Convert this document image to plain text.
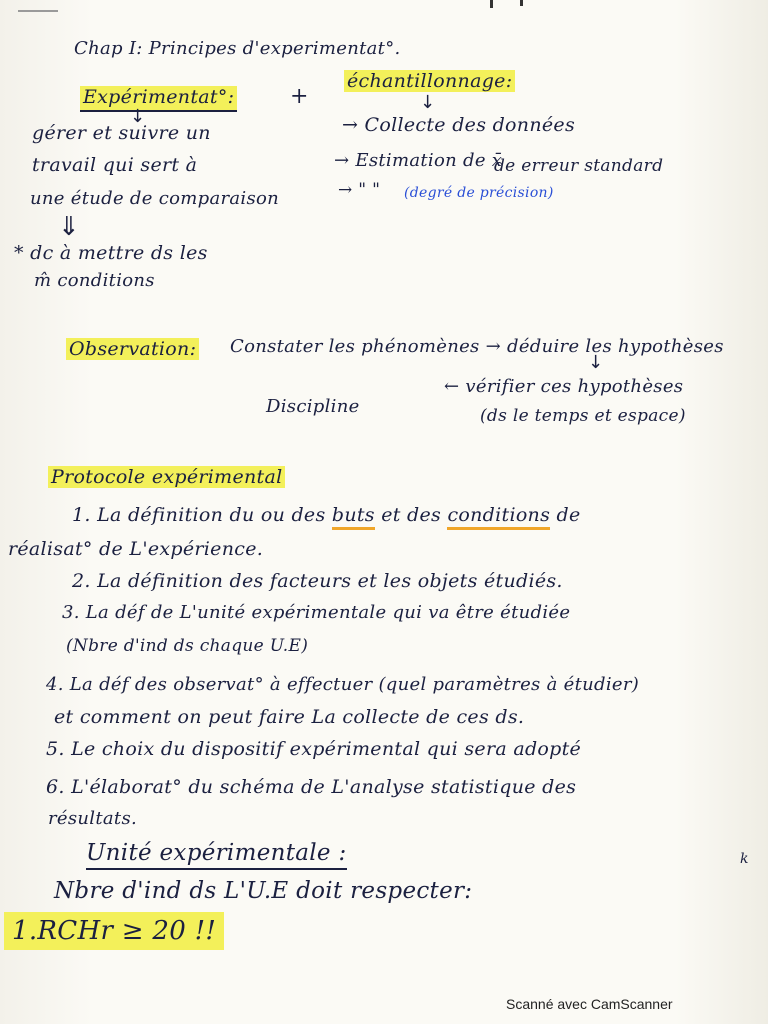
Chap I: Principes d'experimentat°.
Expérimentat°:	+
échantillonnage:
↓
↓
gérer et suivre un
travail qui sert à
une étude de comparaison
→ Collecte des données
→ Estimation de x̄
de erreur standard
→ " " (degré de précision)
⇓
* dc à mettre ds les
m̂ conditions
Observation: Constater les phénomènes → déduire les hypothèses
↓
Discipline
← vérifier ces hypothèses
(ds le temps et espace)
Protocole expérimental
1. La définition du ou des buts et des conditions de
réalisat° de L'expérience.
2. La définition des facteurs et les objets étudiés.
3. La déf de L'unité expérimentale qui va être étudiée
(Nbre d'ind ds chaque U.E)
4. La déf des observat° à effectuer (quel paramètres à étudier)
et comment on peut faire La collecte de ces ds.
5. Le choix du dispositif expérimental qui sera adopté
6. L'élaborat° du schéma de L'analyse statistique des
résultats.
Unité expérimentale :	k
Nbre d'ind ds L'U.E doit respecter:
1.RCHr ≥ 20 !!
Scanné avec CamScanner
